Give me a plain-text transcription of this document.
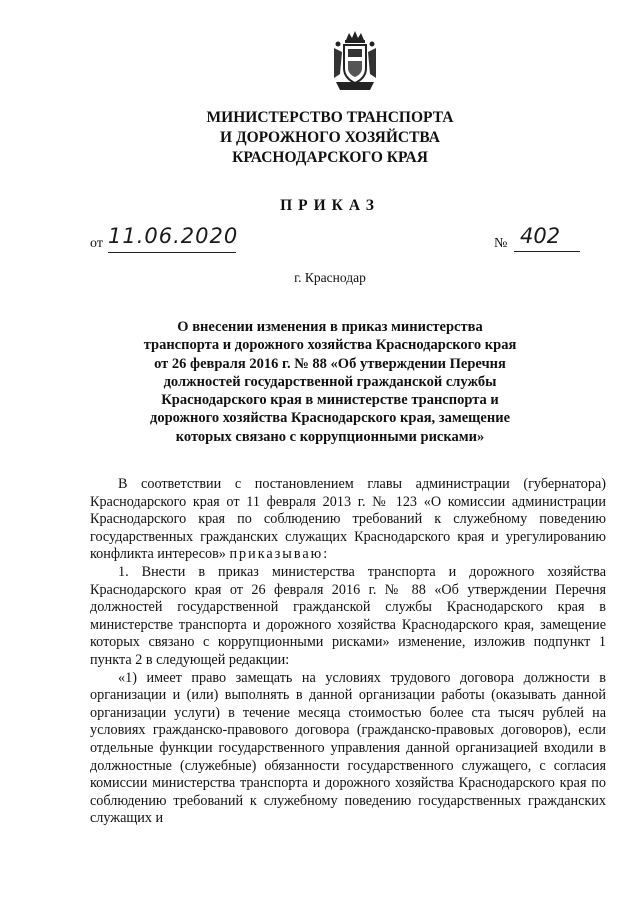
МИНИСТЕРСТВО ТРАНСПОРТА
И ДОРОЖНОГО ХОЗЯЙСТВА
КРАСНОДАРСКОГО КРАЯ
ПРИКАЗ
от 11.06.2020	№ 402
г. Краснодар
О внесении изменения в приказ министерства
транспорта и дорожного хозяйства Краснодарского края
от 26 февраля 2016 г. № 88 «Об утверждении Перечня
должностей государственной гражданской службы
Краснодарского края в министерстве транспорта и
дорожного хозяйства Краснодарского края, замещение
которых связано с коррупционными рисками»

В соответствии с постановлением главы администрации (губернатора) Краснодарского края от 11 февраля 2013 г. № 123 «О комиссии администрации Краснодарского края по соблюдению требований к служебному поведению государственных гражданских служащих Краснодарского края и урегулированию конфликта интересов» приказываю:

1. Внести в приказ министерства транспорта и дорожного хозяйства Краснодарского края от 26 февраля 2016 г. № 88 «Об утверждении Перечня должностей государственной гражданской службы Краснодарского края в министерстве транспорта и дорожного хозяйства Краснодарского края, замещение которых связано с коррупционными рисками» изменение, изложив подпункт 1 пункта 2 в следующей редакции:

«1) имеет право замещать на условиях трудового договора должности в организации и (или) выполнять в данной организации работы (оказывать данной организации услуги) в течение месяца стоимостью более ста тысяч рублей на условиях гражданско-правового договора (гражданско-правовых договоров), если отдельные функции государственного управления данной организацией входили в должностные (служебные) обязанности государственного служащего, с согласия комиссии министерства транспорта и дорожного хозяйства Краснодарского края по соблюдению требований к служебному поведению государственных гражданских служащих и
